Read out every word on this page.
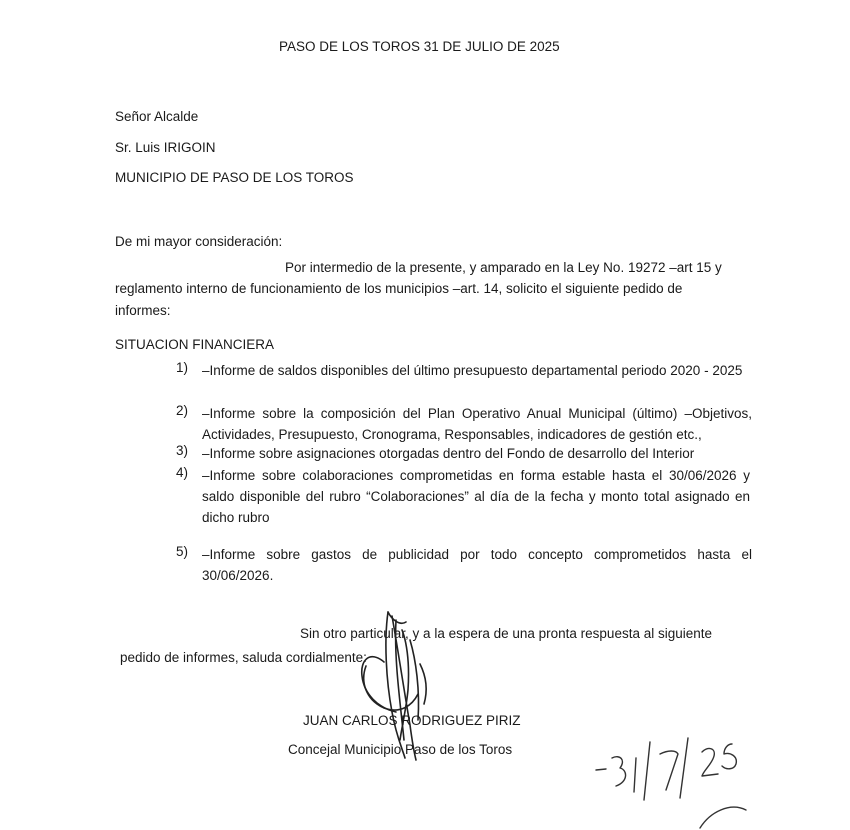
PASO DE LOS TOROS 31 DE JULIO DE 2025
Señor Alcalde
Sr. Luis IRIGOIN
MUNICIPIO DE PASO DE LOS TOROS
De mi mayor consideración:
Por intermedio de la presente, y amparado en la Ley No. 19272 –art 15 y
reglamento interno de funcionamiento de los municipios –art. 14, solicito el siguiente pedido de
informes:
SITUACION FINANCIERA
1)	–Informe de saldos disponibles del último presupuesto departamental periodo 2020 - 2025
2)	–Informe sobre la composición del Plan Operativo Anual Municipal (último) –Objetivos, Actividades, Presupuesto, Cronograma, Responsables, indicadores de gestión etc.,
3)	–Informe sobre asignaciones otorgadas dentro del Fondo de desarrollo del Interior
4)	–Informe sobre colaboraciones comprometidas en forma estable hasta el 30/06/2026 y saldo disponible del rubro “Colaboraciones” al día de la fecha y monto total asignado en dicho rubro
5)	–Informe sobre gastos de publicidad por todo concepto comprometidos hasta el 30/06/2026.
Sin otro particular, y a la espera de una pronta respuesta al siguiente
pedido de informes, saluda cordialmente:
JUAN CARLOS RODRIGUEZ PIRIZ
Concejal Municipio Paso de los Toros
